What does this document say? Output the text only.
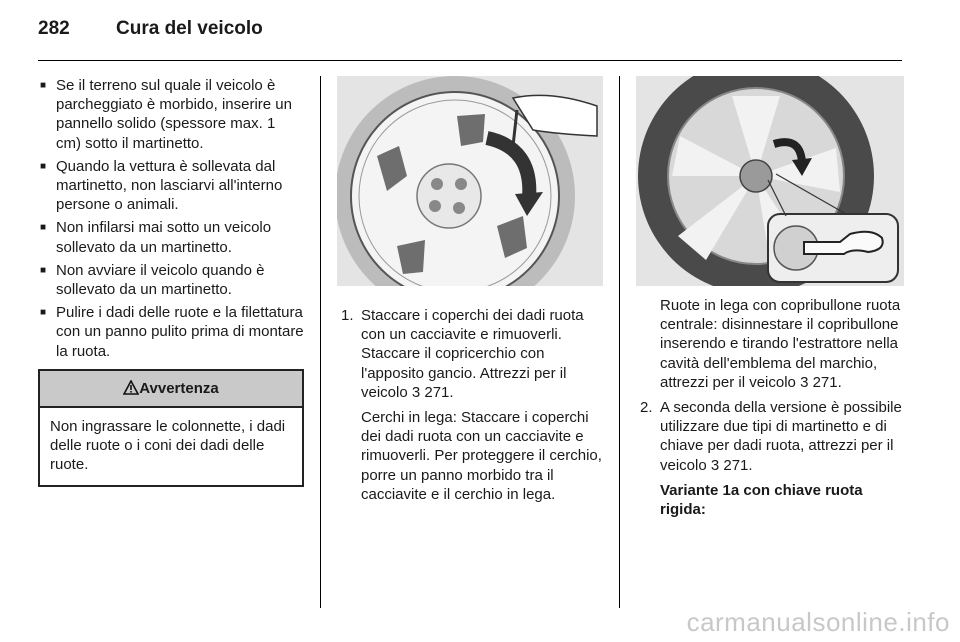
282 Cura del veicolo
■ Se il terreno sul quale il veicolo è parcheggiato è morbido, inserire un pannello solido (spessore max. 1 cm) sotto il martinetto.
■ Quando la vettura è sollevata dal martinetto, non lasciarvi all'interno persone o animali.
■ Non infilarsi mai sotto un veicolo sollevato da un martinetto.
■ Non avviare il veicolo quando è sollevato da un martinetto.
■ Pulire i dadi delle ruote e la filettatura con un panno pulito prima di montare la ruota.
Avvertenza
Non ingrassare le colonnette, i dadi delle ruote o i coni dei dadi delle ruote.
1. Staccare i coperchi dei dadi ruota con un cacciavite e rimuoverli. Staccare il copricerchio con l'apposito gancio. Attrezzi per il veicolo 3 271.

Cerchi in lega: Staccare i coperchi dei dadi ruota con un cacciavite e rimuoverli. Per proteggere il cerchio, porre un panno morbido tra il cacciavite e il cerchio in lega.

Ruote in lega con copribullone ruota centrale: disinnestare il copribullone inserendo e tirando l'estrattore nella cavità dell'emblema del marchio, attrezzi per il veicolo 3 271.

2. A seconda della versione è possibile utilizzare due tipi di martinetto e di chiave per dadi ruota, attrezzi per il veicolo 3 271.

Variante 1a con chiave ruota rigida:

carmanualsonline.info
